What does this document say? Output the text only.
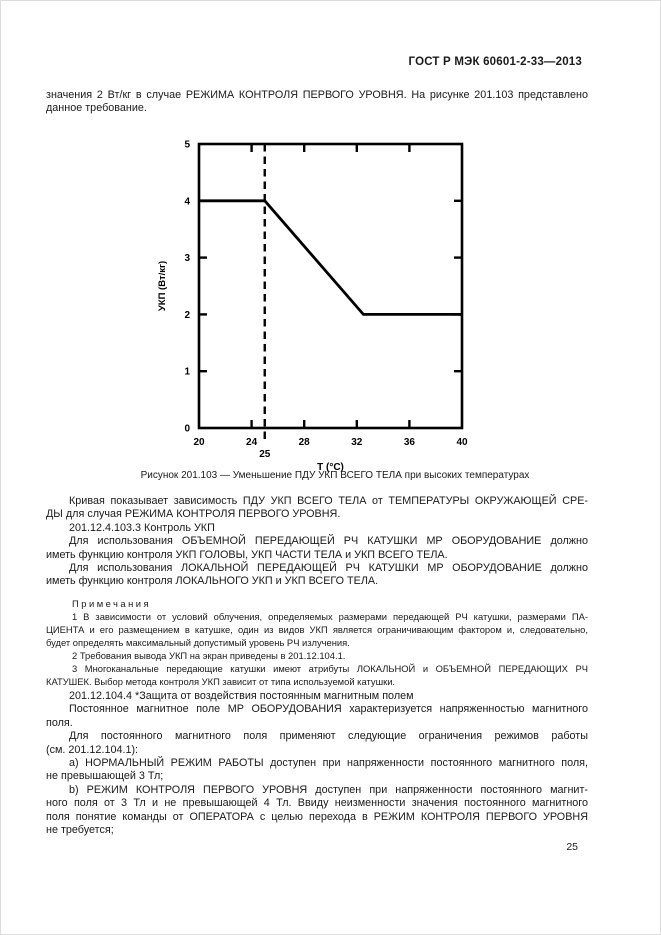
ГОСТ Р МЭК 60601-2-33—2013
значения 2 Вт/кг в случае РЕЖИМА КОНТРОЛЯ ПЕРВОГО УРОВНЯ. На рисунке 201.103 представлено
данное требование.
0
1
2
3
4
5
20	24	28	32	36	40
25
Т (°С)
УКП (Вт/кг)
Рисунок 201.103 — Уменьшение ПДУ УКП ВСЕГО ТЕЛА при высоких температурах
Кривая показывает зависимость ПДУ УКП ВСЕГО ТЕЛА от ТЕМПЕРАТУРЫ ОКРУЖАЮЩЕЙ СРЕ-
ДЫ для случая РЕЖИМА КОНТРОЛЯ ПЕРВОГО УРОВНЯ.
201.12.4.103.3 Контроль УКП
Для использования ОБЪЕМНОЙ ПЕРЕДАЮЩЕЙ РЧ КАТУШКИ МР ОБОРУДОВАНИЕ должно
иметь функцию контроля УКП ГОЛОВЫ, УКП ЧАСТИ ТЕЛА и УКП ВСЕГО ТЕЛА.
Для использования ЛОКАЛЬНОЙ ПЕРЕДАЮЩЕЙ РЧ КАТУШКИ МР ОБОРУДОВАНИЕ должно
иметь функцию контроля ЛОКАЛЬНОГО УКП и УКП ВСЕГО ТЕЛА.
Примечания
1 В зависимости от условий облучения, определяемых размерами передающей РЧ катушки, размерами ПА-
ЦИЕНТА и его размещением в катушке, один из видов УКП является ограничивающим фактором и, следовательно,
будет определять максимальный допустимый уровень РЧ излучения.
2 Требования вывода УКП на экран приведены в 201.12.104.1.
3 Многоканальные передающие катушки имеют атрибуты ЛОКАЛЬНОЙ и ОБЪЕМНОЙ ПЕРЕДАЮЩИХ РЧ
КАТУШЕК. Выбор метода контроля УКП зависит от типа используемой катушки.
201.12.104.4 *Защита от воздействия постоянным магнитным полем
Постоянное магнитное поле МР ОБОРУДОВАНИЯ характеризуется напряженностью магнитного
поля.
Для постоянного магнитного поля применяют следующие ограничения режимов работы
(см. 201.12.104.1):
a) НОРМАЛЬНЫЙ РЕЖИМ РАБОТЫ доступен при напряженности постоянного магнитного поля,
не превышающей 3 Тл;
b) РЕЖИМ КОНТРОЛЯ ПЕРВОГО УРОВНЯ доступен при напряженности постоянного магнит-
ного поля от 3 Тл и не превышающей 4 Тл. Ввиду неизменности значения постоянного магнитного
поля понятие команды от ОПЕРАТОРА с целью перехода в РЕЖИМ КОНТРОЛЯ ПЕРВОГО УРОВНЯ
не требуется;
25
